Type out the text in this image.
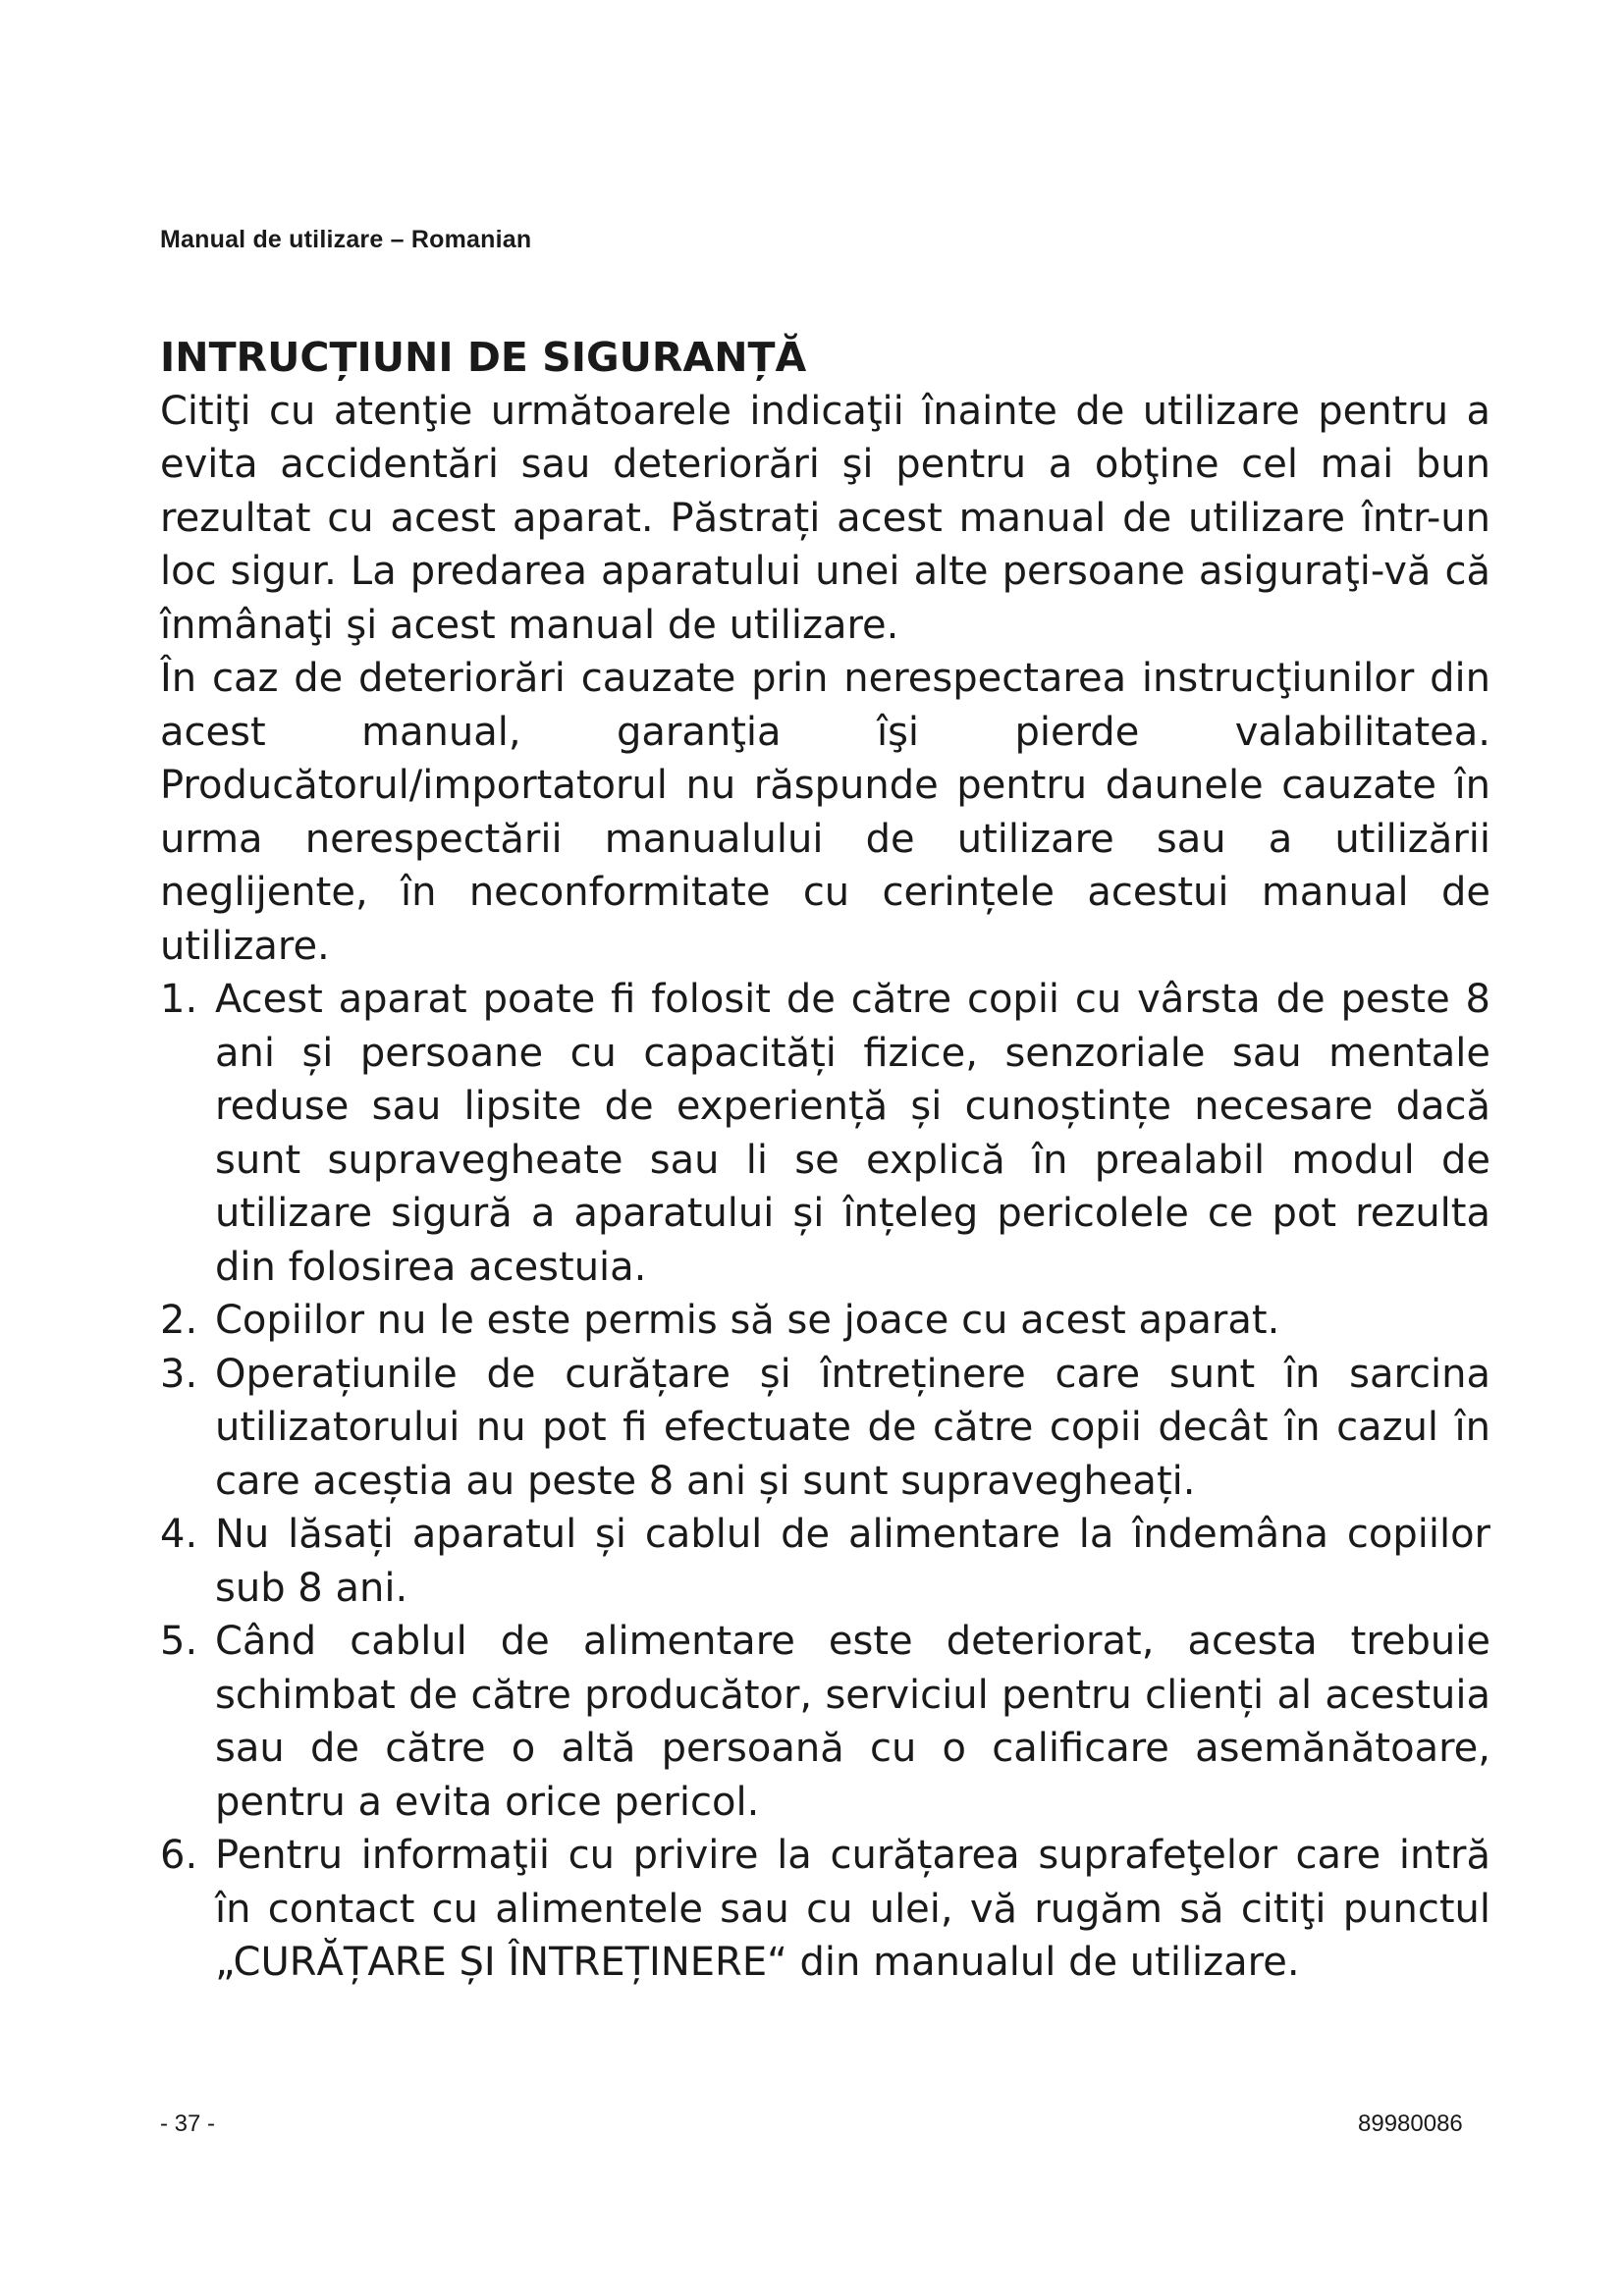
Manual de utilizare – Romanian
INTRUCȚIUNI DE SIGURANȚĂ

Citiţi cu atenţie următoarele indicaţii înainte de utilizare pentru a evita accidentări sau deteriorări şi pentru a obţine cel mai bun rezultat cu acest aparat. Păstrați acest manual de utilizare într-un loc sigur. La predarea aparatului unei alte persoane asiguraţi-vă că înmânaţi şi acest manual de utilizare.

În caz de deteriorări cauzate prin nerespectarea instrucţiunilor din acest manual, garanţia îşi pierde valabilitatea. Producătorul/importatorul nu răspunde pentru daunele cauzate în urma nerespectării manualului de utilizare sau a utilizării neglijente, în neconformitate cu cerințele acestui manual de utilizare.

1. Acest aparat poate fi folosit de către copii cu vârsta de peste 8 ani și persoane cu capacități fizice, senzoriale sau mentale reduse sau lipsite de experiență și cunoștințe necesare dacă sunt supravegheate sau li se explică în prealabil modul de utilizare sigură a aparatului și înțeleg pericolele ce pot rezulta din folosirea acestuia.
2. Copiilor nu le este permis să se joace cu acest aparat.
3. Operațiunile de curățare și întreținere care sunt în sarcina utilizatorului nu pot fi efectuate de către copii decât în cazul în care aceștia au peste 8 ani și sunt supravegheați.
4. Nu lăsați aparatul și cablul de alimentare la îndemâna copiilor sub 8 ani.
5. Când cablul de alimentare este deteriorat, acesta trebuie schimbat de către producător, serviciul pentru clienți al acestuia sau de către o altă persoană cu o calificare asemănătoare, pentru a evita orice pericol.
6. Pentru informaţii cu privire la curățarea suprafeţelor care intră în contact cu alimentele sau cu ulei, vă rugăm să citiţi punctul „CURĂȚARE ȘI ÎNTREȚINERE“ din manualul de utilizare.
- 37 -	89980086
